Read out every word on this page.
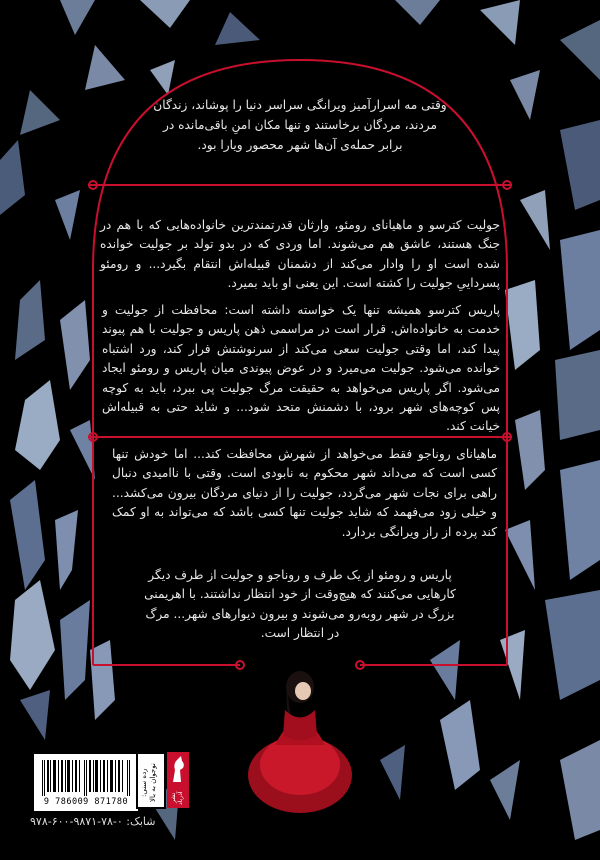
وقتی مه اسرارآمیز ویرانگی سراسر دنیا را پوشاند، زندگان مردند، مردگان برخاستند و تنها مکان امنِ باقی‌مانده در برابر حمله‌ی آن‌ها شهر محصور ویارا بود.
جولیت کترسو و ماهیانای رومئو، وارثان قدرتمندترین خانواده‌هایی که با هم در جنگ هستند، عاشق هم می‌شوند. اما وردی که در بدو تولد بر جولیت خوانده شده است او را وادار می‌کند از دشمنان قبیله‌اش انتقام بگیرد... و رومئو پسرداییِ جولیت را کشته است. این یعنی او باید بمیرد.
پاریس کترسو همیشه تنها یک خواسته داشته است: محافظت از جولیت و خدمت به خانواده‌اش. قرار است در مراسمی ذهن پاریس و جولیت با هم پیوند پیدا کند، اما وقتی جولیت سعی می‌کند از سرنوشتش فرار کند، ورد اشتباه خوانده می‌شود. جولیت می‌میرد و در عوض پیوندی میان پاریس و رومئو ایجاد می‌شود. اگر پاریس می‌خواهد به حقیقت مرگ جولیت پی ببرد، باید به کوچه پس کوچه‌های شهر برود، با دشمنش متحد شود... و شاید حتی به قبیله‌اش خیانت کند.
ماهیانای روناجو فقط می‌خواهد از شهرش محافظت کند... اما خودش تنها کسی است که می‌داند شهر محکوم به نابودی است. وقتی با ناامیدی دنبال راهی برای نجات شهر می‌گردد، جولیت را از دنیای مردگان بیرون می‌کشد... و خیلی زود می‌فهمد که شاید جولیت تنها کسی باشد که می‌تواند به او کمک کند پرده از راز ویرانگی بردارد.
پاریس و رومئو از یک طرف و روناجو و جولیت از طرف دیگر کارهایی می‌کنند که هیچ‌وقت از خود انتظار نداشتند. با اهریمنی بزرگ در شهر روبه‌رو می‌شوند و بیرون دیوارهای شهر... مرگ در انتظار است.
9 786009 871780
رده سنی: نوجوان به بالا	نشر آذرباد
شابک: ۰-۷۸-۹۸۷۱-۶۰۰-۹۷۸
